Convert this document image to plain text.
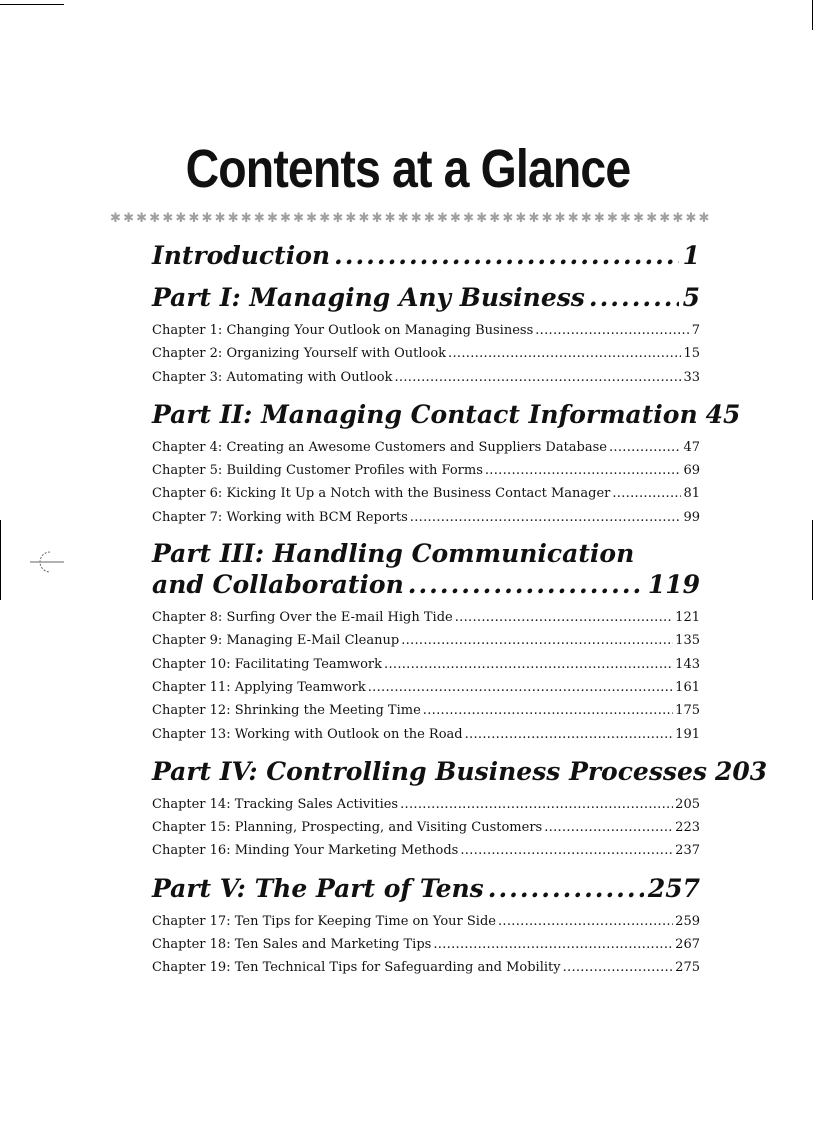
Contents at a Glance
✱ ✱ ✱ ✱ ✱ ✱ ✱ ✱ ✱ ✱ ✱ ✱ ✱ ✱ ✱ ✱ ✱ ✱ ✱ ✱ ✱ ✱ ✱ ✱ ✱ ✱ ✱ ✱ ✱ ✱ ✱ ✱ ✱ ✱ ✱ ✱ ✱ ✱ ✱ ✱ ✱ ✱ ✱ ✱ ✱ ✱
Introduction .....	1
Part I: Managing Any Business .....	5
Chapter 1: Changing Your Outlook on Managing Business .....	7
Chapter 2: Organizing Yourself with Outlook .....	15
Chapter 3: Automating with Outlook .....	33
Part II: Managing Contact Information 45
Chapter 4: Creating an Awesome Customers and Suppliers Database .....	47
Chapter 5: Building Customer Profiles with Forms .....	69
Chapter 6: Kicking It Up a Notch with the Business Contact Manager .....	81
Chapter 7: Working with BCM Reports .....	99
Part III: Handling Communication
and Collaboration .....	119
Chapter 8: Surfing Over the E-mail High Tide .....	121
Chapter 9: Managing E-Mail Cleanup .....	135
Chapter 10: Facilitating Teamwork .....	143
Chapter 11: Applying Teamwork .....	161
Chapter 12: Shrinking the Meeting Time .....	175
Chapter 13: Working with Outlook on the Road .....	191
Part IV: Controlling Business Processes 203
Chapter 14: Tracking Sales Activities .....	205
Chapter 15: Planning, Prospecting, and Visiting Customers .....	223
Chapter 16: Minding Your Marketing Methods .....	237
Part V: The Part of Tens .....	257
Chapter 17: Ten Tips for Keeping Time on Your Side .....	259
Chapter 18: Ten Sales and Marketing Tips .....	267
Chapter 19: Ten Technical Tips for Safeguarding and Mobility .....	275
